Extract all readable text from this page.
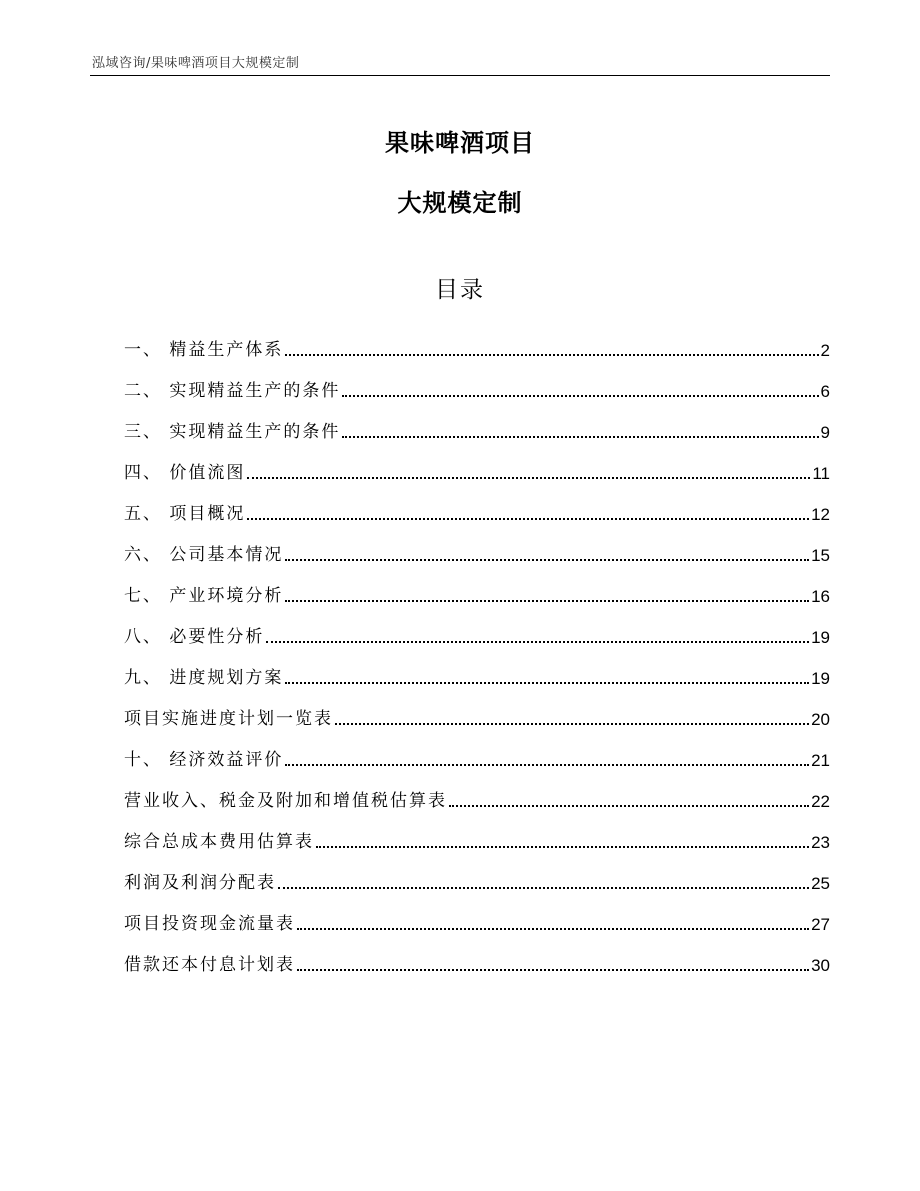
泓域咨询/果味啤酒项目大规模定制
果味啤酒项目
大规模定制
目录
一、 精益生产体系	2
二、 实现精益生产的条件	6
三、 实现精益生产的条件	9
四、 价值流图	11
五、 项目概况	12
六、 公司基本情况	15
七、 产业环境分析	16
八、 必要性分析	19
九、 进度规划方案	19
项目实施进度计划一览表	20
十、 经济效益评价	21
营业收入、税金及附加和增值税估算表	22
综合总成本费用估算表	23
利润及利润分配表	25
项目投资现金流量表	27
借款还本付息计划表	30
